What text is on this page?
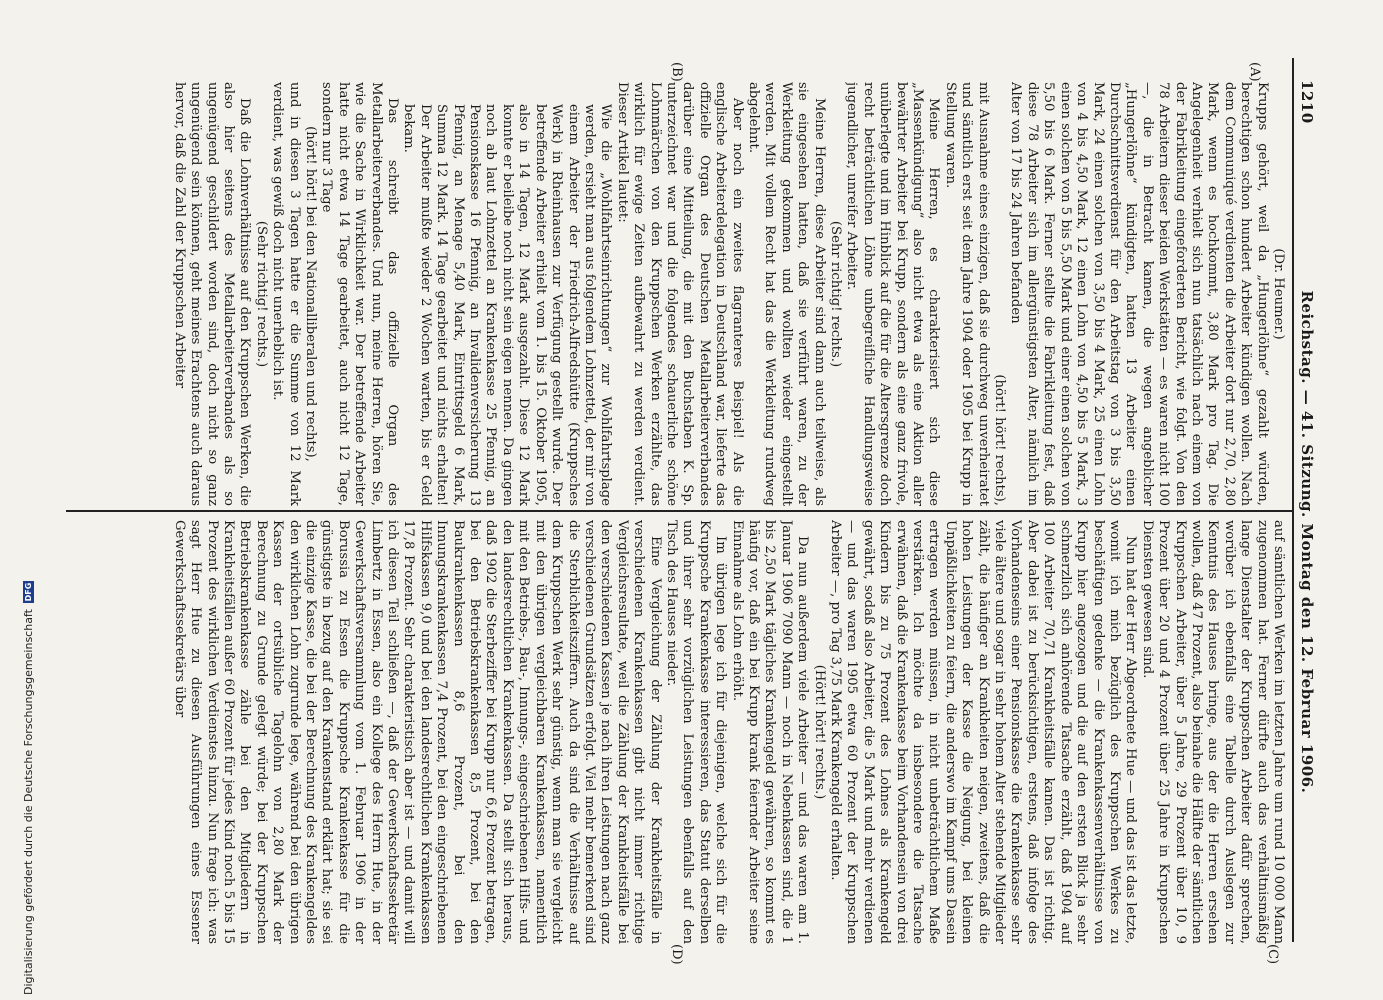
1210
Reichstag. — 41. Sitzung. Montag den 12. Februar 1906.

(Dr. Heumer.)

Krupps gehört, weil da „Hungerlöhne“ gezahlt würden, berechtigen schon hundert Arbeiter kündigen wollen. Nach dem Communiqué verdienten die Arbeiter dort nur 2,70, 2,80 Mark, wenn es hochkommt, 3,80 Mark pro Tag. Die Angelegenheit verhielt sich nun tatsächlich nach einem von der Fabrikleitung eingeforderten Bericht, wie folgt. Von den 78 Arbeitern dieser beiden Werkstätten — es waren nicht 100 —, die in Betracht kamen, die wegen angeblicher „Hungerlöhne“ kündigten, hatten 13 Arbeiter einen Durchschnittsverdienst für den Arbeitstag von 3 bis 3,50 Mark, 24 einen solchen von 3,50 bis 4 Mark, 25 einen Lohn von 4 bis 4,50 Mark, 12 einen Lohn von 4,50 bis 5 Mark, 3 einen solchen von 5 bis 5,50 Mark und einer einen solchen von 5,50 bis 6 Mark. Ferner stellte die Fabrikleitung fest, daß diese 78 Arbeiter sich im allergünstigsten Alter, nämlich im Alter von 17 bis 24 Jahren befanden

(hört! hört! rechts),

mit Ausnahme eines einzigen, daß sie durchweg unverheiratet und sämtlich erst seit dem Jahre 1904 oder 1905 bei Krupp in Stellung waren.

Meine Herren, es charakterisiert sich diese „Massenkündigung“ also nicht etwa als eine Aktion aller bewährter Arbeiter bei Krupp, sondern als eine ganz frivole, unüberlegte und im Hinblick auf die für die Altersgrenze doch recht beträchtlichen Löhne unbegreifliche Handlungsweise jugendlicher, unreifer Arbeiter.

(Sehr richtig! rechts.)

Meine Herren, diese Arbeiter sind dann auch teilweise, als sie eingesehen hatten, daß sie verführt waren, zu der Werkleitung gekommen und wollten wieder eingestellt werden. Mit vollem Recht hat das die Werkleitung rundweg abgelehnt.

Aber noch ein zweites flagranteres Beispiel! Als die englische Arbeiterdelegation in Deutschland war, lieferte das offizielle Organ des Deutschen Metallarbeiterverbandes darüber eine Mitteilung, die mit den Buchstaben K. Sp. unterzeichnet war und die folgendes schauerliche schöne Lohnmärchen von den Kruppschen Werken erzählte, das wirklich für ewige Zeiten aufbewahrt zu werden verdient. Dieser Artikel lautet:

Wie die „Wohlfahrtseinrichtungen“ zur Wohlfahrtsplage werden, ersieht man aus folgendem Lohnzettel, der mir von einem Arbeiter der Friedrich-Alfredshütte (Kruppsches Werk) in Rheinhausen zur Verfügung gestellt wurde. Der betreffende Arbeiter erhielt vom 1. bis 15. Oktober 1905, also in 14 Tagen, 12 Mark ausgezahlt. Diese 12 Mark konnte er beileibe noch nicht sein eigen nennen. Da gingen noch ab laut Lohnzettel an Krankenkasse 25 Pfennig, an Pensionskasse 16 Pfennig, an Invalidenversicherung 13 Pfennig, an Menage 5,40 Mark, Eintrittsgeld 6 Mark, Summa 12 Mark. 14 Tage gearbeitet und nichts erhalten! Der Arbeiter mußte wieder 2 Wochen warten, bis er Geld bekam.

Das schreibt das offizielle Organ des Metallarbeiterverbandes. Und nun, meine Herren, hören Sie, wie die Sache in Wirklichkeit war. Der betreffende Arbeiter hatte nicht etwa 14 Tage gearbeitet, auch nicht 12 Tage, sondern nur 3 Tage

(hört! hört! bei den Nationalliberalen und rechts),

und in diesen 3 Tagen hatte er die Summe von 12 Mark verdient, was gewiß doch nicht unerheblich ist.

(Sehr richtig! rechts.)

Daß die Lohnverhältnisse auf den Kruppschen Werken, die also hier seitens des Metallarbeiterverbandes als so ungenügend geschildert worden sind, doch nicht so ganz ungenügend sein können, geht meines Erachtens auch daraus hervor, daß die Zahl der Kruppschen Arbeiter

auf sämtlichen Werken im letzten Jahre um rund 10 000 Mann zugenommen hat. Ferner dürfte auch das verhältnismäßig lange Dienstalter der Kruppschen Arbeiter dafür sprechen, worüber ich ebenfalls eine Tabelle durch Auslegen zur Kenntnis des Hauses bringe, aus der die Herren ersehen wollen, daß 47 Prozent, also beinahe die Hälfte der sämtlichen Kruppschen Arbeiter, über 5 Jahre, 29 Prozent über 10, 9 Prozent über 20 und 4 Prozent über 25 Jahre in Kruppschen Diensten gewesen sind.

Nun hat der Herr Abgeordnete Hue — und das ist das letzte, womit ich mich bezüglich des Kruppschen Werkes zu beschäftigen gedenke — die Krankenkassenverhältnisse von Krupp hier angezogen und die auf den ersten Blick ja sehr schmerzlich sich anhörende Tatsache erzählt, daß 1904 auf 100 Arbeiter 70,71 Krankheitsfälle kamen. Das ist richtig. Aber dabei ist zu berücksichtigen, erstens, daß infolge des Vorhandenseins einer Pensionskasse die Krankenkasse sehr viele ältere und sogar in sehr hohem Alter stehende Mitglieder zählt, die häufiger an Krankheiten neigen, zweitens, daß die hohen Leistungen der Kasse die Neigung, bei kleinen Unpäßlichkeiten zu feiern, die anderswo im Kampf ums Dasein ertragen werden müssen, in nicht unbeträchtlichem Maße verstärken. Ich möchte da insbesondere die Tatsache erwähnen, daß die Krankenkasse beim Vorhandensein von drei Kindern bis zu 75 Prozent des Lohnes als Krankengeld gewährt, sodaß also Arbeiter, die 5 Mark und mehr verdienen — und das waren 1905 etwa 60 Prozent der Kruppschen Arbeiter —, pro Tag 3,75 Mark Krankengeld erhalten.

(Hört! hört! rechts.)

Da nun außerdem viele Arbeiter — und das waren am 1. Januar 1906 7090 Mann — noch in Nebenkassen sind, die 1 bis 2,50 Mark tägliches Krankengeld gewähren, so kommt es häufig vor, daß ein bei Krupp krank feiernder Arbeiter seine Einnahme als Lohn erhöht.

Im übrigen lege ich für diejenigen, welche sich für die Kruppsche Krankenkasse interessieren, das Statut derselben und ihrer sehr vorzüglichen Leistungen ebenfalls auf den Tisch des Hauses nieder.

Eine Vergleichung der Zählung der Krankheitsfälle in verschiedenen Krankenkassen gibt nicht immer richtige Vergleichsresultate, weil die Zählung der Krankheitsfälle bei den verschiedenen Kassen je nach ihren Leistungen nach ganz verschiedenen Grundsätzen erfolgt. Viel mehr bemerkend sind die Sterblichkeitsziffern. Auch da sind die Verhältnisse auf dem Kruppschen Werk sehr günstig, wenn man sie vergleicht mit den übrigen vergleichbaren Krankenkassen, namentlich mit den Betriebs-, Bau-, Innungs-, eingeschriebenen Hilfs- und den landesrechtlichen Krankenkassen. Da stellt sich heraus, daß 1902 die Sterbeziffer bei Krupp nur 6,6 Prozent betragen, bei den Betriebskrankenkassen 8,5 Prozent, bei den Baukrankenkassen 8,6 Prozent, bei den Innungskrankenkassen 7,4 Prozent, bei den eingeschriebenen Hilfskassen 9,0 und bei den landesrechtlichen Krankenkassen 17,8 Prozent. Sehr charakteristisch aber ist — und damit will ich diesen Teil schließen —, daß der Gewerkschaftssekretär Limbertz in Essen, also ein Kollege des Herrn Hue, in der Gewerkschaftsversammlung vom 1. Februar 1906 in der Borussia zu Essen die Kruppsche Krankenkasse für die günstigste in bezug auf den Krankenstand erklärt hat; sie sei die einzige Kasse, die bei der Berechnung des Krankengeldes den wirklichen Lohn zugrunde lege, während bei den übrigen Kassen der ortsübliche Tagelohn von 2,80 Mark der Berechnung zu Grunde gelegt würde; bei der Kruppschen Betriebskrankenkasse zähle bei den Mitgliedern in Krankheitsfällen außer 60 Prozent für jedes Kind noch 5 bis 15 Prozent des wirklichen Verdienstes hinzu. Nun frage ich: was sagt Herr Hue zu diesen Ausführungen eines Essener Gewerkschaftssekretärs über

(A)
(B)
(C)
(D)
Digitalisierung gefördert durch die Deutsche Forschungsgemeinschaft
DFG
